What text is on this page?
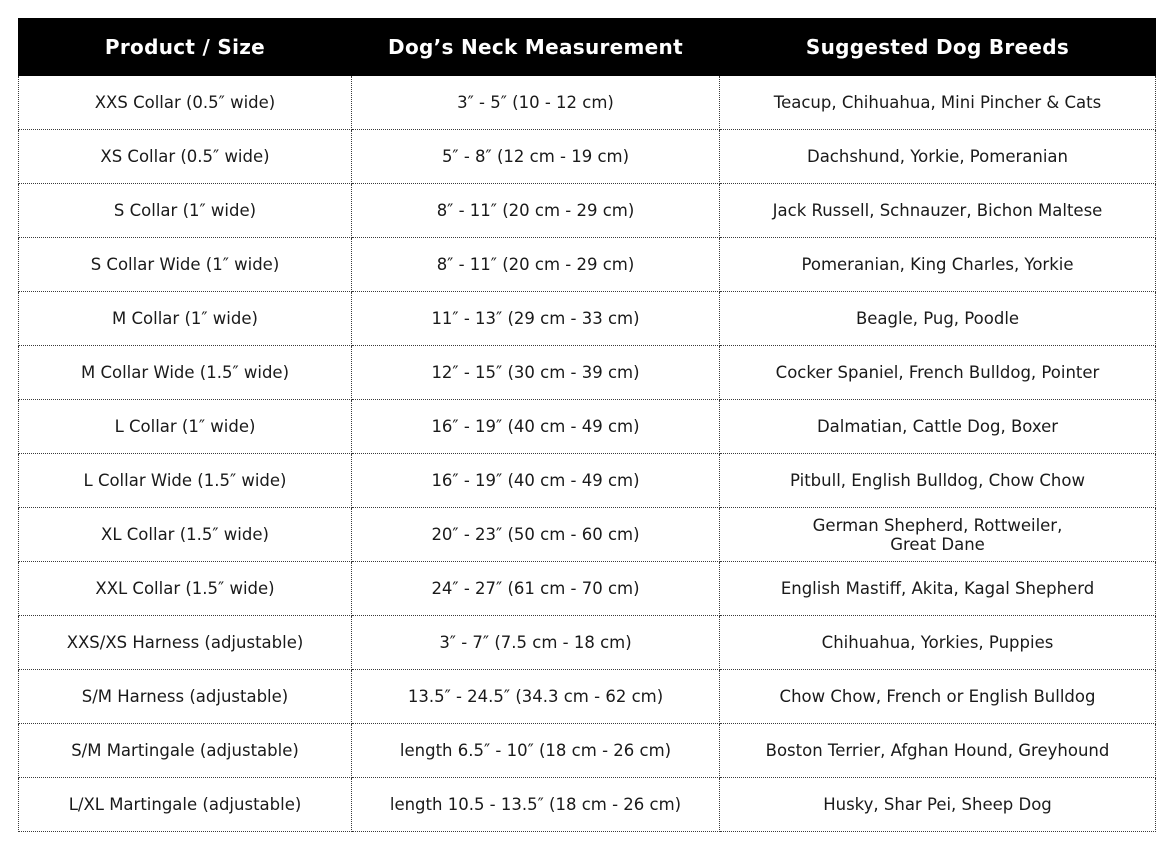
Product / Size	Dog’s Neck Measurement	Suggested Dog Breeds
XXS Collar (0.5″ wide)	3″ - 5″ (10 - 12 cm)	Teacup, Chihuahua, Mini Pincher & Cats
XS Collar (0.5″ wide)	5″ - 8″ (12 cm - 19 cm)	Dachshund, Yorkie, Pomeranian
S Collar (1″ wide)	8″ - 11″ (20 cm - 29 cm)	Jack Russell, Schnauzer, Bichon Maltese
S Collar Wide (1″ wide)	8″ - 11″ (20 cm - 29 cm)	Pomeranian, King Charles, Yorkie
M Collar (1″ wide)	11″ - 13″ (29 cm - 33 cm)	Beagle, Pug, Poodle
M Collar Wide (1.5″ wide)	12″ - 15″ (30 cm - 39 cm)	Cocker Spaniel, French Bulldog, Pointer
L Collar (1″ wide)	16″ - 19″ (40 cm - 49 cm)	Dalmatian, Cattle Dog, Boxer
L Collar Wide (1.5″ wide)	16″ - 19″ (40 cm - 49 cm)	Pitbull, English Bulldog, Chow Chow
XL Collar (1.5″ wide)	20″ - 23″ (50 cm - 60 cm)	German Shepherd, Rottweiler, Great Dane
XXL Collar (1.5″ wide)	24″ - 27″ (61 cm - 70 cm)	English Mastiff, Akita, Kagal Shepherd
XXS/XS Harness (adjustable)	3″ - 7″ (7.5 cm - 18 cm)	Chihuahua, Yorkies, Puppies
S/M Harness (adjustable)	13.5″ - 24.5″ (34.3 cm - 62 cm)	Chow Chow, French or English Bulldog
S/M Martingale (adjustable)	length 6.5″ - 10″ (18 cm - 26 cm)	Boston Terrier, Afghan Hound, Greyhound
L/XL Martingale (adjustable)	length 10.5 - 13.5″ (18 cm - 26 cm)	Husky, Shar Pei, Sheep Dog
